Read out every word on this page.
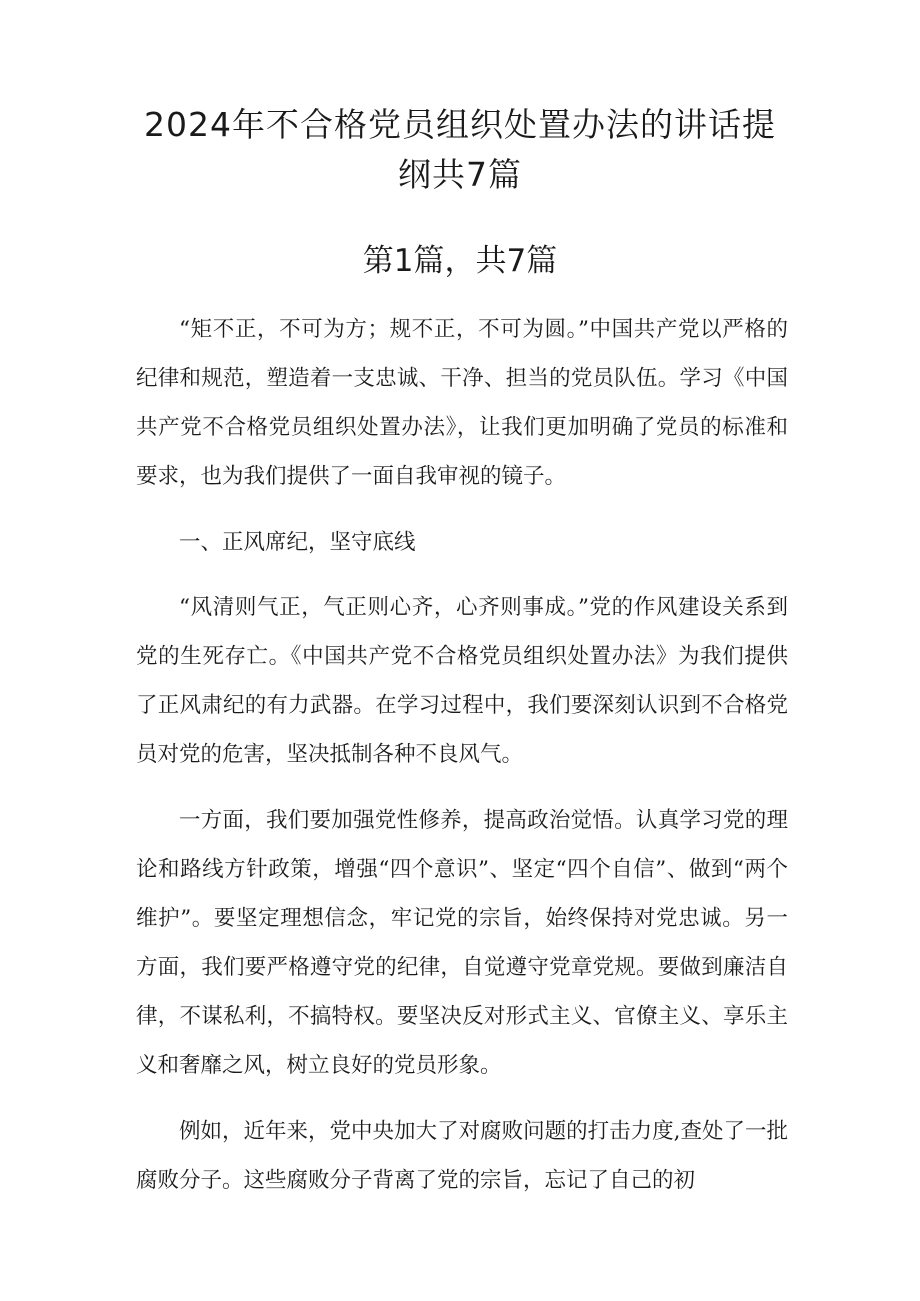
2024年不合格党员组织处置办法的讲话提
纲共7篇
第1篇，共7篇

“矩不正，不可为方；规不正，不可为圆。”中国共产党以严格的纪律和规范，塑造着一支忠诚、干净、担当的党员队伍。学习《中国共产党不合格党员组织处置办法》，让我们更加明确了党员的标准和要求，也为我们提供了一面自我审视的镜子。

一、正风席纪，坚守底线

“风清则气正，气正则心齐，心齐则事成。”党的作风建设关系到党的生死存亡。《中国共产党不合格党员组织处置办法》为我们提供了正风肃纪的有力武器。在学习过程中，我们要深刻认识到不合格党员对党的危害，坚决抵制各种不良风气。

一方面，我们要加强党性修养，提高政治觉悟。认真学习党的理论和路线方针政策，增强“四个意识”、坚定“四个自信”、做到“两个维护”。要坚定理想信念，牢记党的宗旨，始终保持对党忠诚。另一方面，我们要严格遵守党的纪律，自觉遵守党章党规。要做到廉洁自律，不谋私利，不搞特权。要坚决反对形式主义、官僚主义、享乐主义和奢靡之风，树立良好的党员形象。

例如，近年来，党中央加大了对腐败问题的打击力度,查处了一批腐败分子。这些腐败分子背离了党的宗旨，忘记了自己的初
